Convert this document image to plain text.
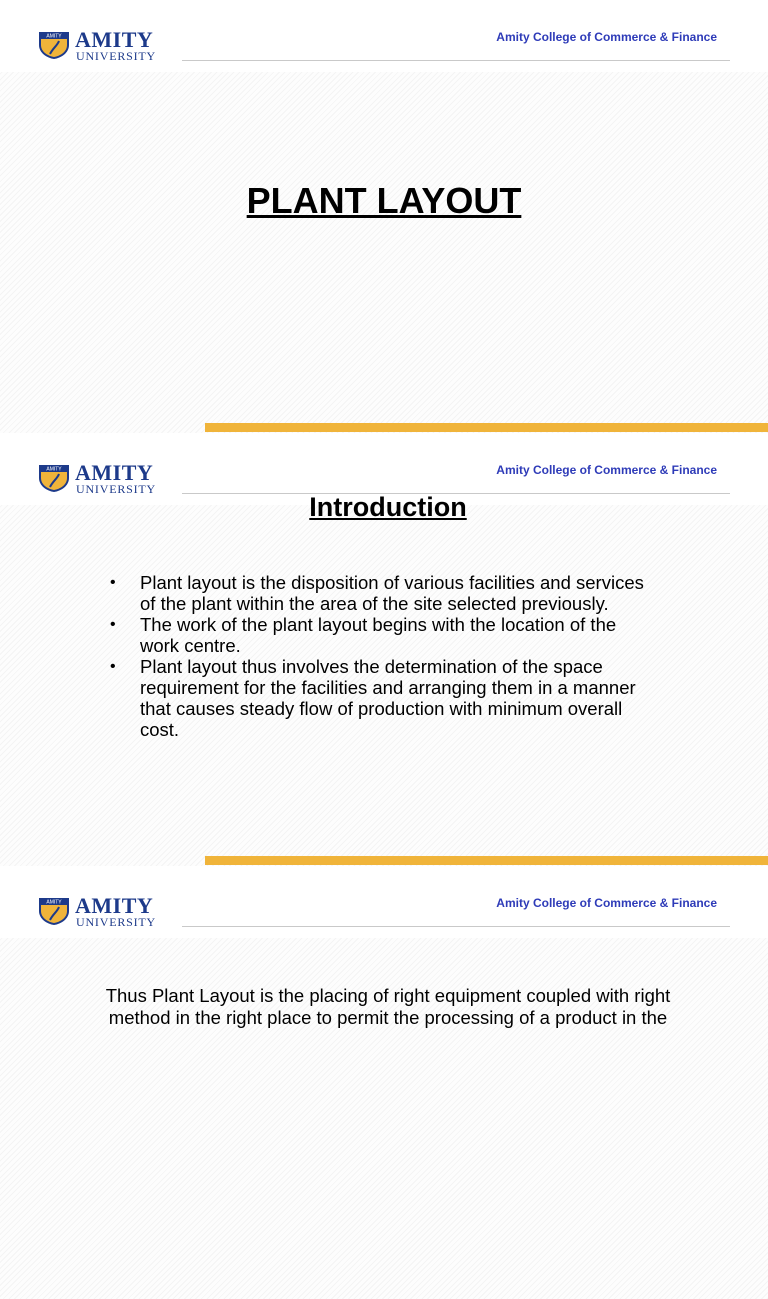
AMITY AMITY
UNIVERSITY
Amity College of Commerce & Finance
PLANT LAYOUT
AMITY AMITY
UNIVERSITY
Amity College of Commerce & Finance
Introduction
• Plant layout is the disposition of various facilities and services of the plant within the area of the site selected previously.
• The work of the plant layout begins with the location of the work centre.
• Plant layout thus involves the determination of the space requirement for the facilities and arranging them in a manner that causes steady flow of production with minimum overall cost.
AMITY AMITY
UNIVERSITY
Amity College of Commerce & Finance
Thus Plant Layout is the placing of right equipment coupled with right method in the right place to permit the processing of a product in the
